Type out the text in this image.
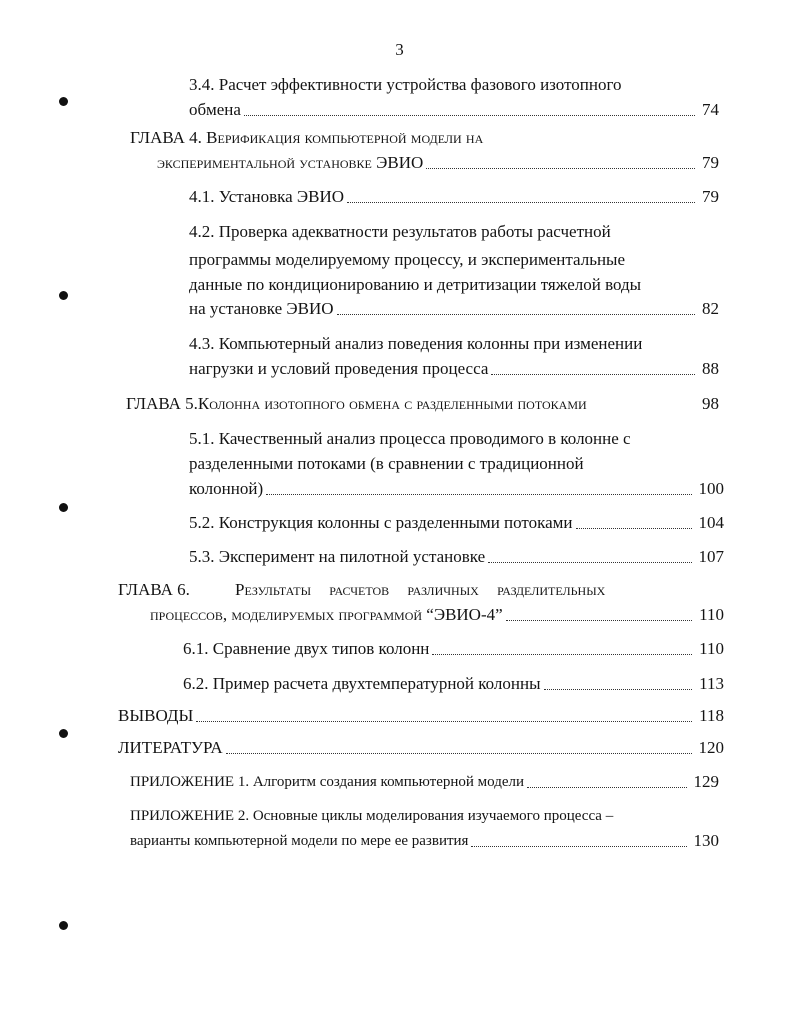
3
3.4. Расчет эффективности устройства фазового изотопного
обмена	74
ГЛАВА 4. Верификация компьютерной модели на
экспериментальной установке ЭВИО	79
4.1. Установка ЭВИО	79
4.2. Проверка адекватности результатов работы расчетной
программы моделируемому процессу, и экспериментальные
данные по кондиционированию и детритизации тяжелой воды
на установке ЭВИО	82
4.3. Компьютерный анализ поведения колонны при изменении
нагрузки и условий проведения процесса	88
ГЛАВА 5. Колонна изотопного обмена с разделенными потоками	98
5.1. Качественный анализ процесса проводимого в колонне с
разделенными потоками (в сравнении с традиционной
колонной)	100
5.2. Конструкция колонны с разделенными потоками	104
5.3. Эксперимент на пилотной установке	107
ГЛАВА 6.	Результаты расчетов различных разделительных
процессов, моделируемых программой “ЭВИО-4”	110
6.1. Сравнение двух типов колонн	110
6.2. Пример расчета двухтемпературной колонны	113
ВЫВОДЫ	118
ЛИТЕРАТУРА	120
ПРИЛОЖЕНИЕ 1. Алгоритм создания компьютерной модели	129
ПРИЛОЖЕНИЕ 2. Основные циклы моделирования изучаемого процесса –
варианты компьютерной модели по мере ее развития	130
